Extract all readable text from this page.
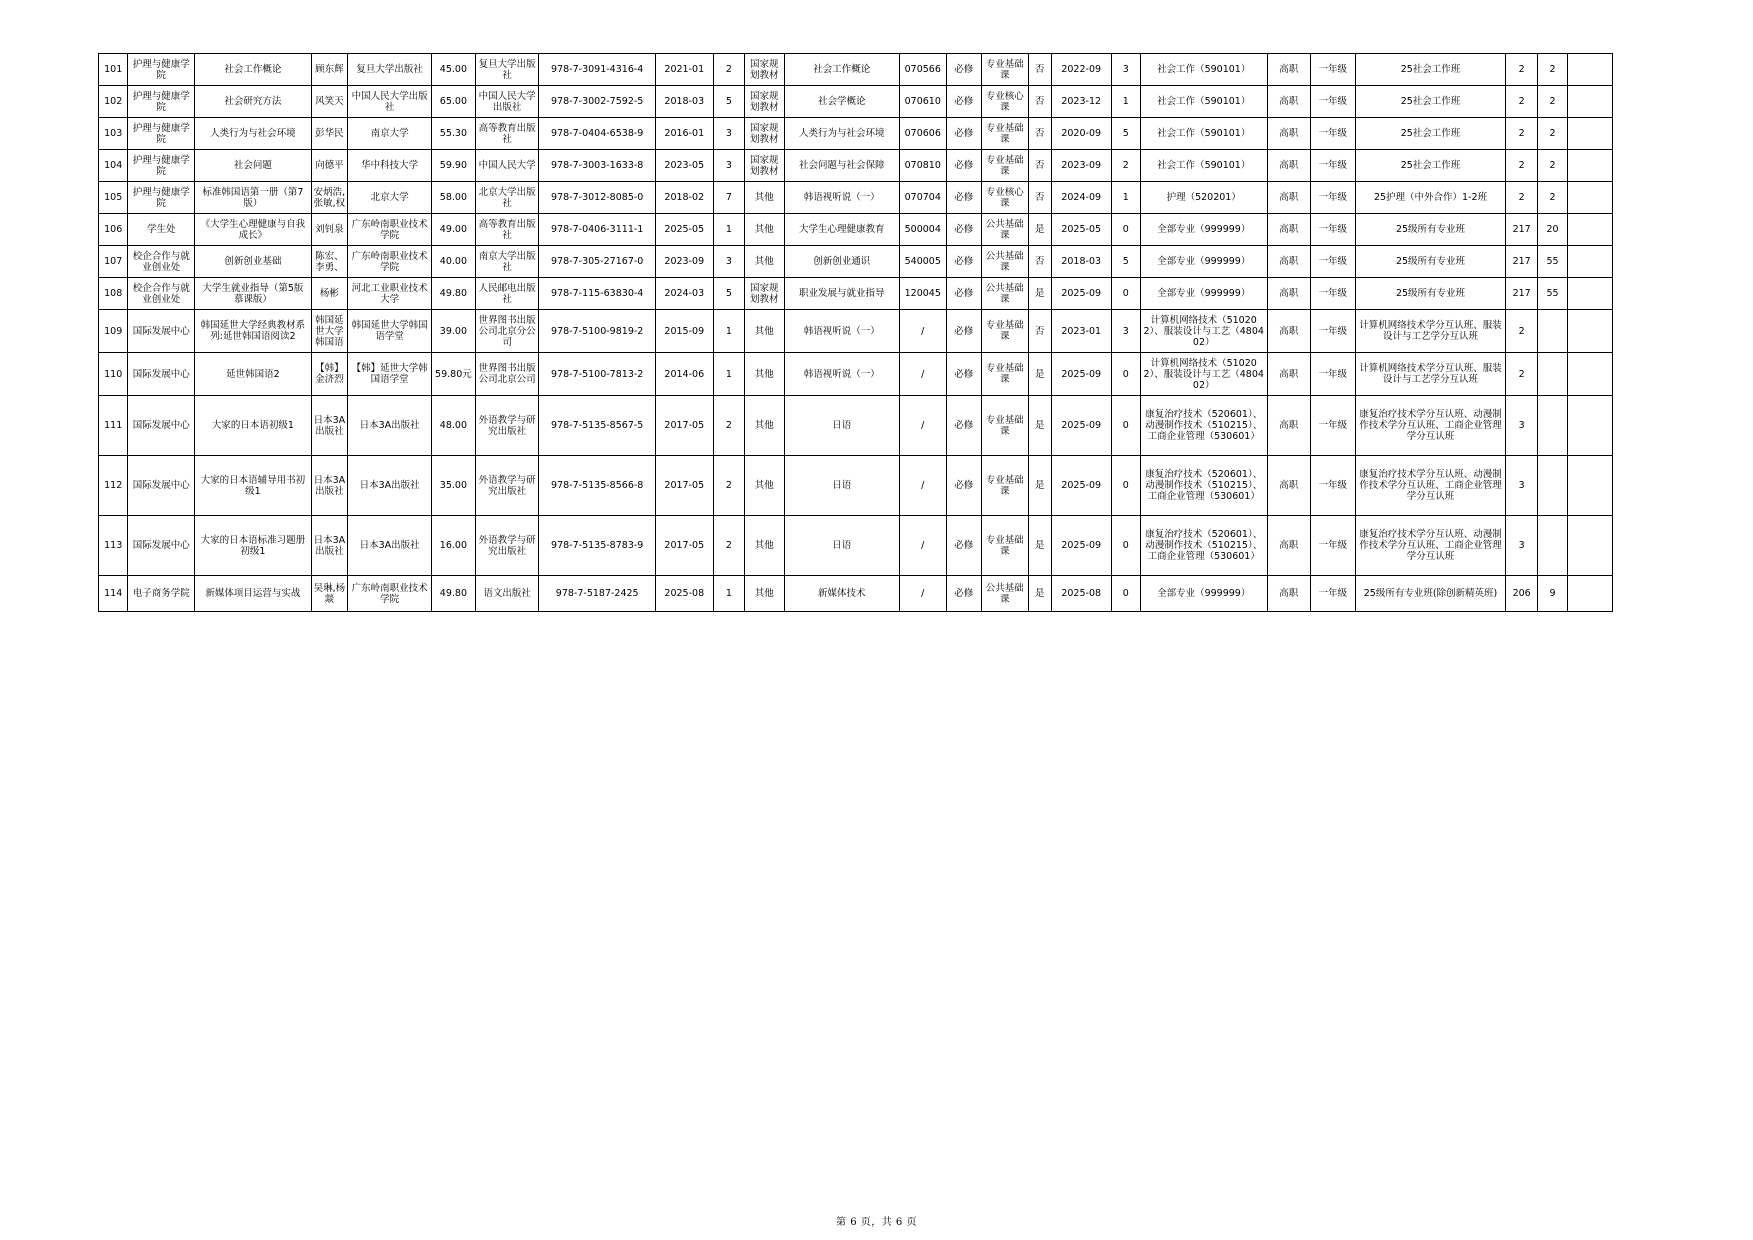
101	护理与健康学院	社会工作概论	顾东辉	复旦大学出版社	45.00	复旦大学出版社	978-7-3091-4316-4	2021-01	2	国家规划教材	社会工作概论	070566	必修	专业基础课	否	2022-09	3	社会工作（590101）	高职	一年级	25社会工作班	2	2	
102	护理与健康学院	社会研究方法	风笑天	中国人民大学出版社	65.00	中国人民大学出版社	978-7-3002-7592-5	2018-03	5	国家规划教材	社会学概论	070610	必修	专业核心课	否	2023-12	1	社会工作（590101）	高职	一年级	25社会工作班	2	2	
103	护理与健康学院	人类行为与社会环境	彭华民	南京大学	55.30	高等教育出版社	978-7-0404-6538-9	2016-01	3	国家规划教材	人类行为与社会环境	070606	必修	专业基础课	否	2020-09	5	社会工作（590101）	高职	一年级	25社会工作班	2	2	
104	护理与健康学院	社会问题	向德平	华中科技大学	59.90	中国人民大学	978-7-3003-1633-8	2023-05	3	国家规划教材	社会问题与社会保障	070810	必修	专业基础课	否	2023-09	2	社会工作（590101）	高职	一年级	25社会工作班	2	2	
105	护理与健康学院	标准韩国语第一册（第7版）	安炳浩,张敏,权	北京大学	58.00	北京大学出版社	978-7-3012-8085-0	2018-02	7	其他	韩语视听说（一）	070704	必修	专业核心课	否	2024-09	1	护理（520201）	高职	一年级	25护理（中外合作）1-2班	2	2	
106	学生处	《大学生心理健康与自我成长》	刘钊泉	广东岭南职业技术学院	49.00	高等教育出版社	978-7-0406-3111-1	2025-05	1	其他	大学生心理健康教育	500004	必修	公共基础课	是	2025-05	0	全部专业（999999）	高职	一年级	25级所有专业班	217	20	
107	校企合作与就业创业处	创新创业基础	陈宏、李勇、	广东岭南职业技术学院	40.00	南京大学出版社	978-7-305-27167-0	2023-09	3	其他	创新创业通识	540005	必修	公共基础课	否	2018-03	5	全部专业（999999）	高职	一年级	25级所有专业班	217	55	
108	校企合作与就业创业处	大学生就业指导（第5版 慕课版）	杨彬	河北工业职业技术大学	49.80	人民邮电出版社	978-7-115-63830-4	2024-03	5	国家规划教材	职业发展与就业指导	120045	必修	公共基础课	是	2025-09	0	全部专业（999999）	高职	一年级	25级所有专业班	217	55	
109	国际发展中心	韩国延世大学经典教材系列:延世韩国语阅读2	韩国延世大学韩国语	韩国延世大学韩国语学堂	39.00	世界图书出版公司北京分公司	978-7-5100-9819-2	2015-09	1	其他	韩语视听说（一）	/	必修	专业基础课	否	2023-01	3	计算机网络技术（510202）、服装设计与工艺（480402）	高职	一年级	计算机网络技术学分互认班、服装设计与工艺学分互认班	2		
110	国际发展中心	延世韩国语2	【韩】金济烈	【韩】延世大学韩国语学堂	59.80元	世界图书出版公司北京公司	978-7-5100-7813-2	2014-06	1	其他	韩语视听说（一）	/	必修	专业基础课	是	2025-09	0	计算机网络技术（510202）、服装设计与工艺（480402）	高职	一年级	计算机网络技术学分互认班、服装设计与工艺学分互认班	2		
111	国际发展中心	大家的日本语初级1	日本3A出版社	日本3A出版社	48.00	外语教学与研究出版社	978-7-5135-8567-5	2017-05	2	其他	日语	/	必修	专业基础课	是	2025-09	0	康复治疗技术（520601）、动漫制作技术（510215）、工商企业管理（530601）	高职	一年级	康复治疗技术学分互认班、动漫制作技术学分互认班、工商企业管理学分互认班	3		
112	国际发展中心	大家的日本语辅导用书初级1	日本3A出版社	日本3A出版社	35.00	外语教学与研究出版社	978-7-5135-8566-8	2017-05	2	其他	日语	/	必修	专业基础课	是	2025-09	0	康复治疗技术（520601）、动漫制作技术（510215）、工商企业管理（530601）	高职	一年级	康复治疗技术学分互认班、动漫制作技术学分互认班、工商企业管理学分互认班	3		
113	国际发展中心	大家的日本语标准习题册初级1	日本3A出版社	日本3A出版社	16.00	外语教学与研究出版社	978-7-5135-8783-9	2017-05	2	其他	日语	/	必修	专业基础课	是	2025-09	0	康复治疗技术（520601）、动漫制作技术（510215）、工商企业管理（530601）	高职	一年级	康复治疗技术学分互认班、动漫制作技术学分互认班、工商企业管理学分互认班	3		
114	电子商务学院	新媒体项目运营与实战	吴琳,杨燚	广东岭南职业技术学院	49.80	语文出版社	978-7-5187-2425	2025-08	1	其他	新媒体技术	/	必修	公共基础课	是	2025-08	0	全部专业（999999）	高职	一年级	25级所有专业班(除创新精英班)	206	9	
第 6 页，共 6 页
